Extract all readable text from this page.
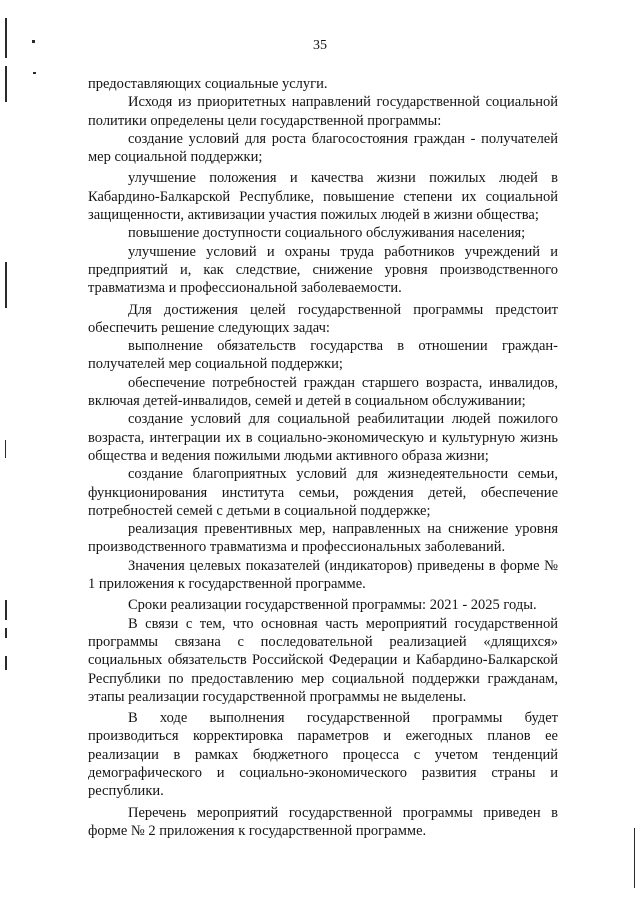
35

предоставляющих социальные услуги.

Исходя из приоритетных направлений государственной социальной политики определены цели государственной программы:

создание условий для роста благосостояния граждан - получателей мер социальной поддержки;

улучшение положения и качества жизни пожилых людей в Кабардино-Балкарской Республике, повышение степени их социальной защищенности, активизации участия пожилых людей в жизни общества;

повышение доступности социального обслуживания населения;

улучшение условий и охраны труда работников учреждений и предприятий и, как следствие, снижение уровня производственного травматизма и профессиональной заболеваемости.

Для достижения целей государственной программы предстоит обеспечить решение следующих задач:

выполнение обязательств государства в отношении граждан-получателей мер социальной поддержки;

обеспечение потребностей граждан старшего возраста, инвалидов, включая детей-инвалидов, семей и детей в социальном обслуживании;

создание условий для социальной реабилитации людей пожилого возраста, интеграции их в социально-экономическую и культурную жизнь общества и ведения пожилыми людьми активного образа жизни;

создание благоприятных условий для жизнедеятельности семьи, функционирования института семьи, рождения детей, обеспечение потребностей семей с детьми в социальной поддержке;

реализация превентивных мер, направленных на снижение уровня производственного травматизма и профессиональных заболеваний.

Значения целевых показателей (индикаторов) приведены в форме № 1 приложения к государственной программе.

Сроки реализации государственной программы: 2021 - 2025 годы.

В связи с тем, что основная часть мероприятий государственной программы связана с последовательной реализацией «длящихся» социальных обязательств Российской Федерации и Кабардино-Балкарской Республики по предоставлению мер социальной поддержки гражданам, этапы реализации государственной программы не выделены.

В ходе выполнения государственной программы будет производиться корректировка параметров и ежегодных планов ее реализации в рамках бюджетного процесса с учетом тенденций демографического и социально-экономического развития страны и республики.

Перечень мероприятий государственной программы приведен в форме № 2 приложения к государственной программе.
